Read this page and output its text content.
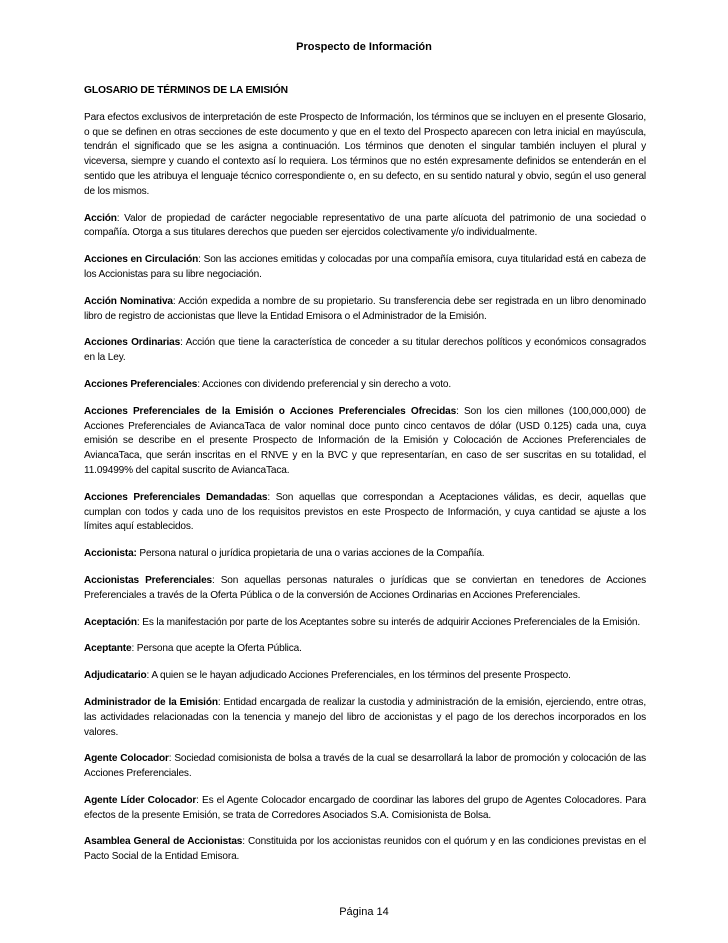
Prospecto de Información

GLOSARIO DE TÉRMINOS DE LA EMISIÓN

Para efectos exclusivos de interpretación de este Prospecto de Información, los términos que se incluyen en el presente Glosario, o que se definen en otras secciones de este documento y que en el texto del Prospecto aparecen con letra inicial en mayúscula, tendrán el significado que se les asigna a continuación. Los términos que denoten el singular también incluyen el plural y viceversa, siempre y cuando el contexto así lo requiera. Los términos que no estén expresamente definidos se entenderán en el sentido que les atribuya el lenguaje técnico correspondiente o, en su defecto, en su sentido natural y obvio, según el uso general de los mismos.

Acción: Valor de propiedad de carácter negociable representativo de una parte alícuota del patrimonio de una sociedad o compañía. Otorga a sus titulares derechos que pueden ser ejercidos colectivamente y/o individualmente.

Acciones en Circulación: Son las acciones emitidas y colocadas por una compañía emisora, cuya titularidad está en cabeza de los Accionistas para su libre negociación.

Acción Nominativa: Acción expedida a nombre de su propietario. Su transferencia debe ser registrada en un libro denominado libro de registro de accionistas que lleve la Entidad Emisora o el Administrador de la Emisión.

Acciones Ordinarias: Acción que tiene la característica de conceder a su titular derechos políticos y económicos consagrados en la Ley.

Acciones Preferenciales: Acciones con dividendo preferencial y sin derecho a voto.

Acciones Preferenciales de la Emisión o Acciones Preferenciales Ofrecidas: Son los cien millones (100,000,000) de Acciones Preferenciales de AviancaTaca de valor nominal doce punto cinco centavos de dólar (USD 0.125) cada una, cuya emisión se describe en el presente Prospecto de Información de la Emisión y Colocación de Acciones Preferenciales de AviancaTaca, que serán inscritas en el RNVE y en la BVC y que representarían, en caso de ser suscritas en su totalidad, el 11.09499% del capital suscrito de AviancaTaca.

Acciones Preferenciales Demandadas: Son aquellas que correspondan a Aceptaciones válidas, es decir, aquellas que cumplan con todos y cada uno de los requisitos previstos en este Prospecto de Información, y cuya cantidad se ajuste a los límites aquí establecidos.

Accionista: Persona natural o jurídica propietaria de una o varias acciones de la Compañía.

Accionistas Preferenciales: Son aquellas personas naturales o jurídicas que se conviertan en tenedores de Acciones Preferenciales a través de la Oferta Pública o de la conversión de Acciones Ordinarias en Acciones Preferenciales.

Aceptación: Es la manifestación por parte de los Aceptantes sobre su interés de adquirir Acciones Preferenciales de la Emisión.

Aceptante: Persona que acepte la Oferta Pública.

Adjudicatario: A quien se le hayan adjudicado Acciones Preferenciales, en los términos del presente Prospecto.

Administrador de la Emisión: Entidad encargada de realizar la custodia y administración de la emisión, ejerciendo, entre otras, las actividades relacionadas con la tenencia y manejo del libro de accionistas y el pago de los derechos incorporados en los valores.

Agente Colocador: Sociedad comisionista de bolsa a través de la cual se desarrollará la labor de promoción y colocación de las Acciones Preferenciales.

Agente Líder Colocador: Es el Agente Colocador encargado de coordinar las labores del grupo de Agentes Colocadores. Para efectos de la presente Emisión, se trata de Corredores Asociados S.A. Comisionista de Bolsa.

Asamblea General de Accionistas: Constituida por los accionistas reunidos con el quórum y en las condiciones previstas en el Pacto Social de la Entidad Emisora.

Página 14
